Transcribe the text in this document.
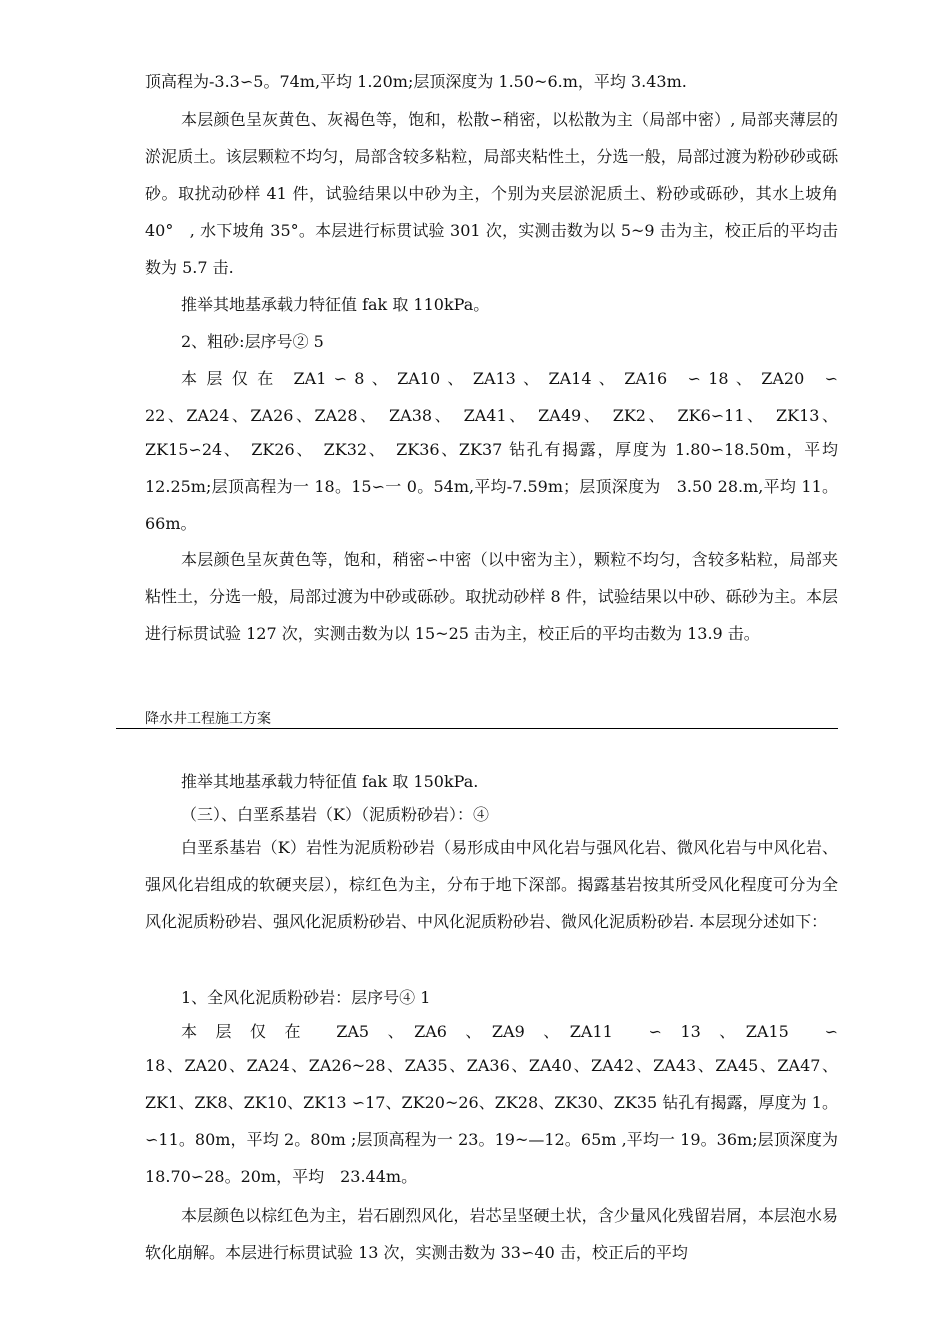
顶高程为-3.3∽5。74m,平均 1.20m;层顶深度为 1.50~6.m，平均 3.43m.

本层颜色呈灰黄色、灰褐色等，饱和，松散∽稍密，以松散为主（局部中密）, 局部夹薄层的淤泥质土。该层颗粒不均匀，局部含较多粘粒，局部夹粘性土，分选一般，局部过渡为粉砂砂或砾砂。取扰动砂样 41 件，试验结果以中砂为主，个别为夹层淤泥质土、粉砂或砾砂，其水上坡角 40°　, 水下坡角 35°。本层进行标贯试验 301 次，实测击数为以 5~9 击为主，校正后的平均击数为 5.7 击.

推举其地基承载力特征值 fak 取 110kPa。
2、粗砂:层序号② 5
本 层 仅 在　ZA1 ∽ 8 、 ZA10 、 ZA13 、 ZA14 、 ZA16　∽ 18 、 ZA20　∽
22、ZA24、ZA26、ZA28、　ZA38、　ZA41、　ZA49、　ZK2、　ZK6∽11、　ZK13、

ZK15∽24、　ZK26、　ZK32、　ZK36、ZK37 钻孔有揭露，厚度为 1.80∽18.50m，平均 12.25m;层顶高程为一 18。15∽一 0。54m,平均-7.59m；层顶深度为　3.50 28.m,平均 11。66m。

本层颜色呈灰黄色等，饱和，稍密∽中密（以中密为主），颗粒不均匀，含较多粘粒，局部夹粘性土，分选一般，局部过渡为中砂或砾砂。取扰动砂样 8 件，试验结果以中砂、砾砂为主。本层进行标贯试验 127 次，实测击数为以 15~25 击为主，校正后的平均击数为 13.9 击。

降水井工程施工方案
推举其地基承载力特征值 fak 取 150kPa.
（三）、白垩系基岩（K）（泥质粉砂岩）：④

白垩系基岩（K）岩性为泥质粉砂岩（易形成由中风化岩与强风化岩、微风化岩与中风化岩、强风化岩组成的软硬夹层），棕红色为主，分布于地下深部。揭露基岩按其所受风化程度可分为全风化泥质粉砂岩、强风化泥质粉砂岩、中风化泥质粉砂岩、微风化泥质粉砂岩. 本层现分述如下：

1、全风化泥质粉砂岩：层序号④ 1
本　层　仅　在　　ZA5　、　ZA6　、　ZA9　、　ZA11　　∽　13　、　ZA15　　∽

18、ZA20、ZA24、ZA26~28、ZA35、ZA36、ZA40、ZA42、ZA43、ZA45、ZA47、ZK1、ZK8、ZK10、ZK13 ∽17、ZK20~26、ZK28、ZK30、ZK35 钻孔有揭露，厚度为 1。 ∽11。80m，平均 2。80m ;层顶高程为一 23。19~—12。65m ,平均一 19。36m;层顶深度为 18.70∽28。20m，平均　23.44m。

本层颜色以棕红色为主，岩石剧烈风化，岩芯呈坚硬土状，含少量风化残留岩屑，本层泡水易软化崩解。本层进行标贯试验 13 次，实测击数为 33∽40 击，校正后的平均
